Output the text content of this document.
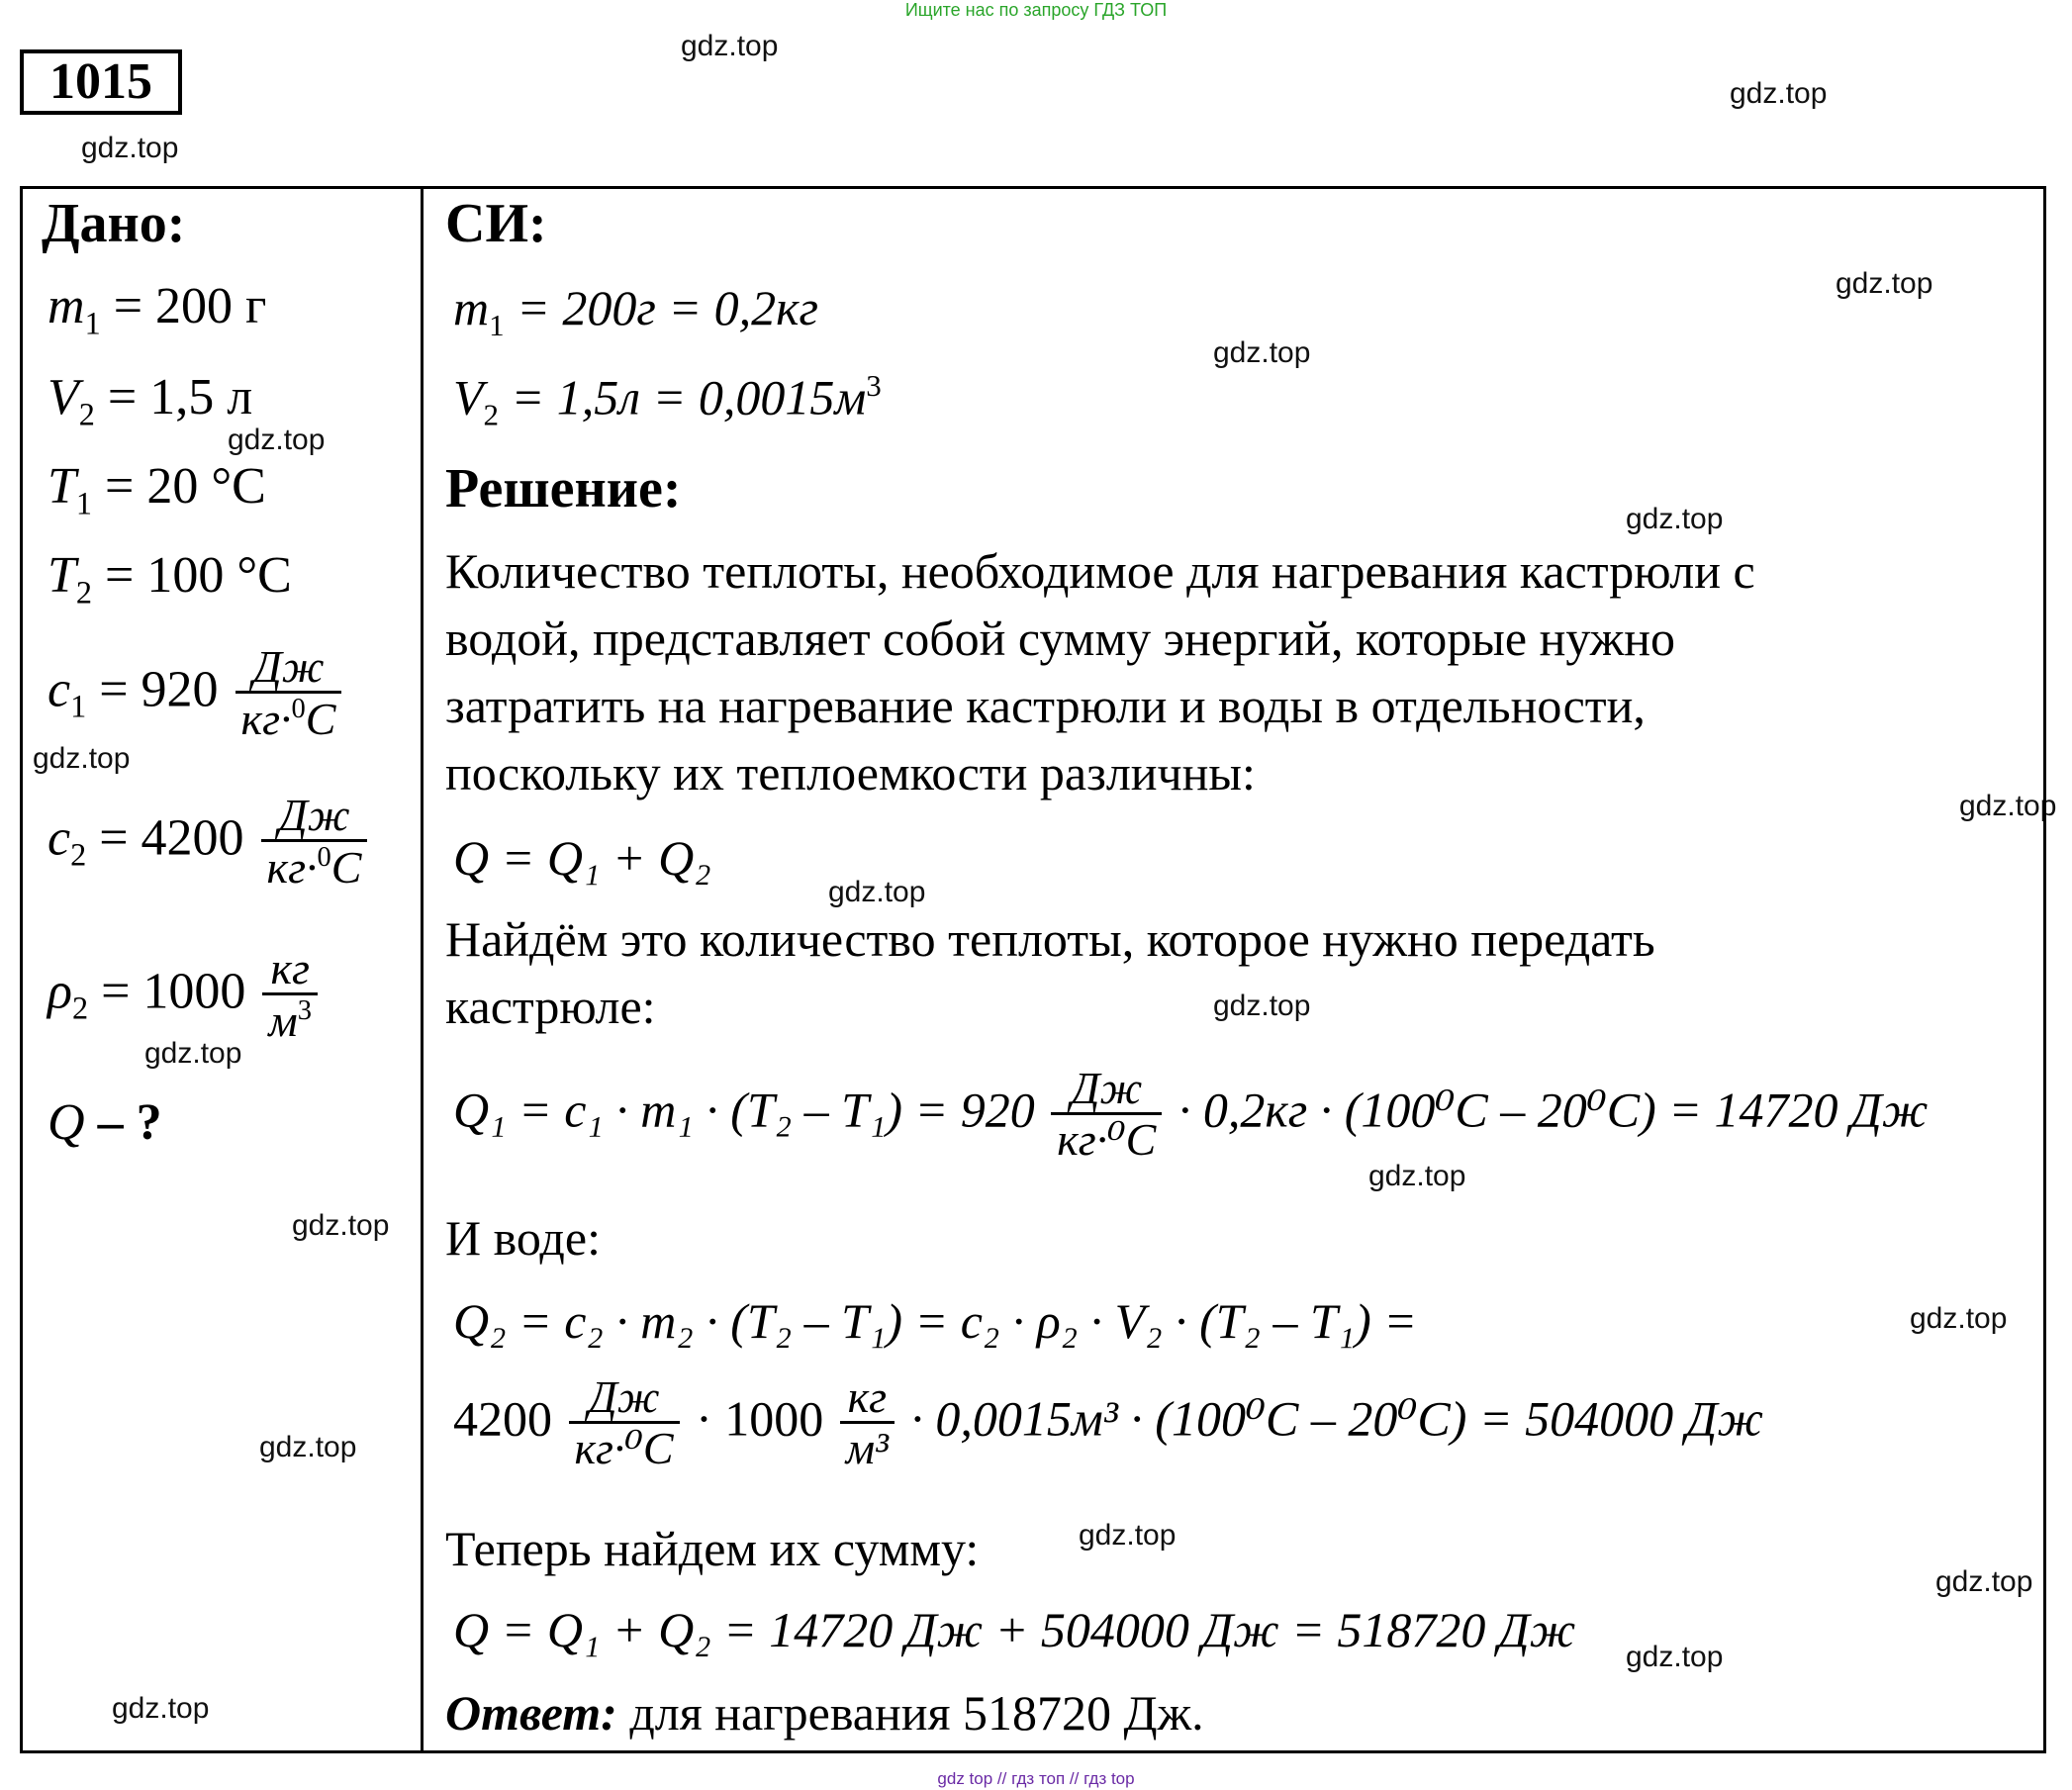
Ищите нас по запросу ГДЗ ТОП
1015
gdz.top
gdz.top
gdz.top
gdz.top
gdz.top
gdz.top
gdz.top
gdz.top
gdz.top
gdz.top
gdz.top
gdz.top
gdz.top
gdz.top
gdz.top
gdz.top
gdz.top
gdz.top
gdz.top
gdz.top
Дано:
$m_1 = 200$ г
$V_2 = 1,5$ л
$T_1 = 20$ °C
$T_2 = 100$ °C
$c_1 = 920 \frac{Дж}{кг\cdot^0C}$
$c_2 = 4200 \frac{Дж}{кг\cdot^0C}$
$\rho_2 = 1000 \frac{кг}{м^3}$
Q – ?
СИ:
$m_1 = 200г = 0,2кг$
$V_2 = 1,5л = 0,0015м^3$
Решение:
Количество теплоты, необходимое для нагревания кастрюли с
водой, представляет собой сумму энергий, которые нужно
затратить на нагревание кастрюли и воды в отдельности,
поскольку их теплоемкости различны:
Q = Q₁ + Q₂
Найдём это количество теплоты, которое нужно передать
кастрюле:
$Q_1 = c_1 \cdot m_1 \cdot (T_2 - T_1) = 920 \frac{Дж}{\text{кг·⁰C}} \cdot 0,2кг \cdot (100^0C - 20^0C) = 14720$ Дж
И воде:
Q₂ = c₂ · m₂ · (T₂ – T₁) = c₂ · ρ₂ · V₂ · (T₂ – T₁) =
$4200 \frac{Дж}{\text{кг·⁰C}} \cdot 1000 \frac{кг}{\text{м³}} \cdot 0,0015м^3 \cdot (100^0C - 20^0C) = 504000$ Дж
Теперь найдем их сумму:
Q = Q₁ + Q₂ = 14720 Дж + 504000 Дж = 518720 Дж
Ответ: для нагревания 518720 Дж.
gdz top // гдз топ // гдз top
